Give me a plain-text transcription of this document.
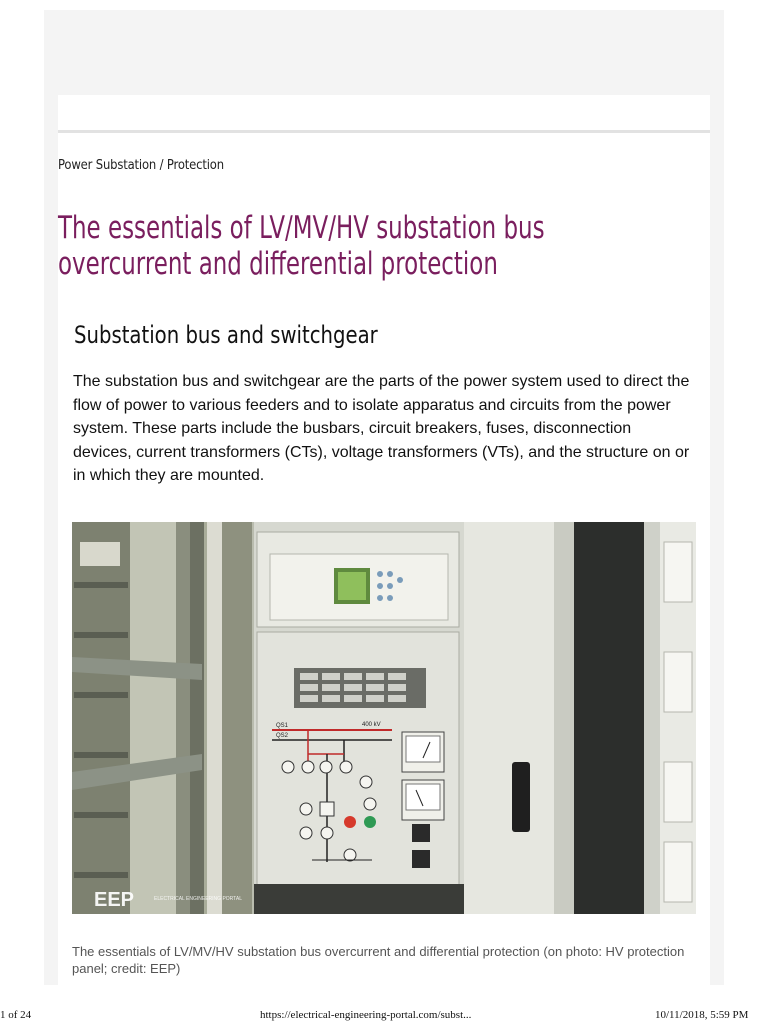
Power Substation / Protection
The essentials of LV/MV/HV substation bus overcurrent and differential protection
Substation bus and switchgear

The substation bus and switchgear are the parts of the power system used to direct the flow of power to various feeders and to isolate apparatus and circuits from the power system. These parts include the busbars, circuit breakers, fuses, disconnection devices, current transformers (CTs), voltage transformers (VTs), and the structure on or in which they are mounted.

QS1
QS2
400 kV
EEP	ELECTRICAL ENGINEERING PORTAL

The essentials of LV/MV/HV substation bus overcurrent and differential protection (on photo: HV protection panel; credit: EEP)

1 of 24	https://electrical-engineering-portal.com/subst...	10/11/2018, 5:59 PM
